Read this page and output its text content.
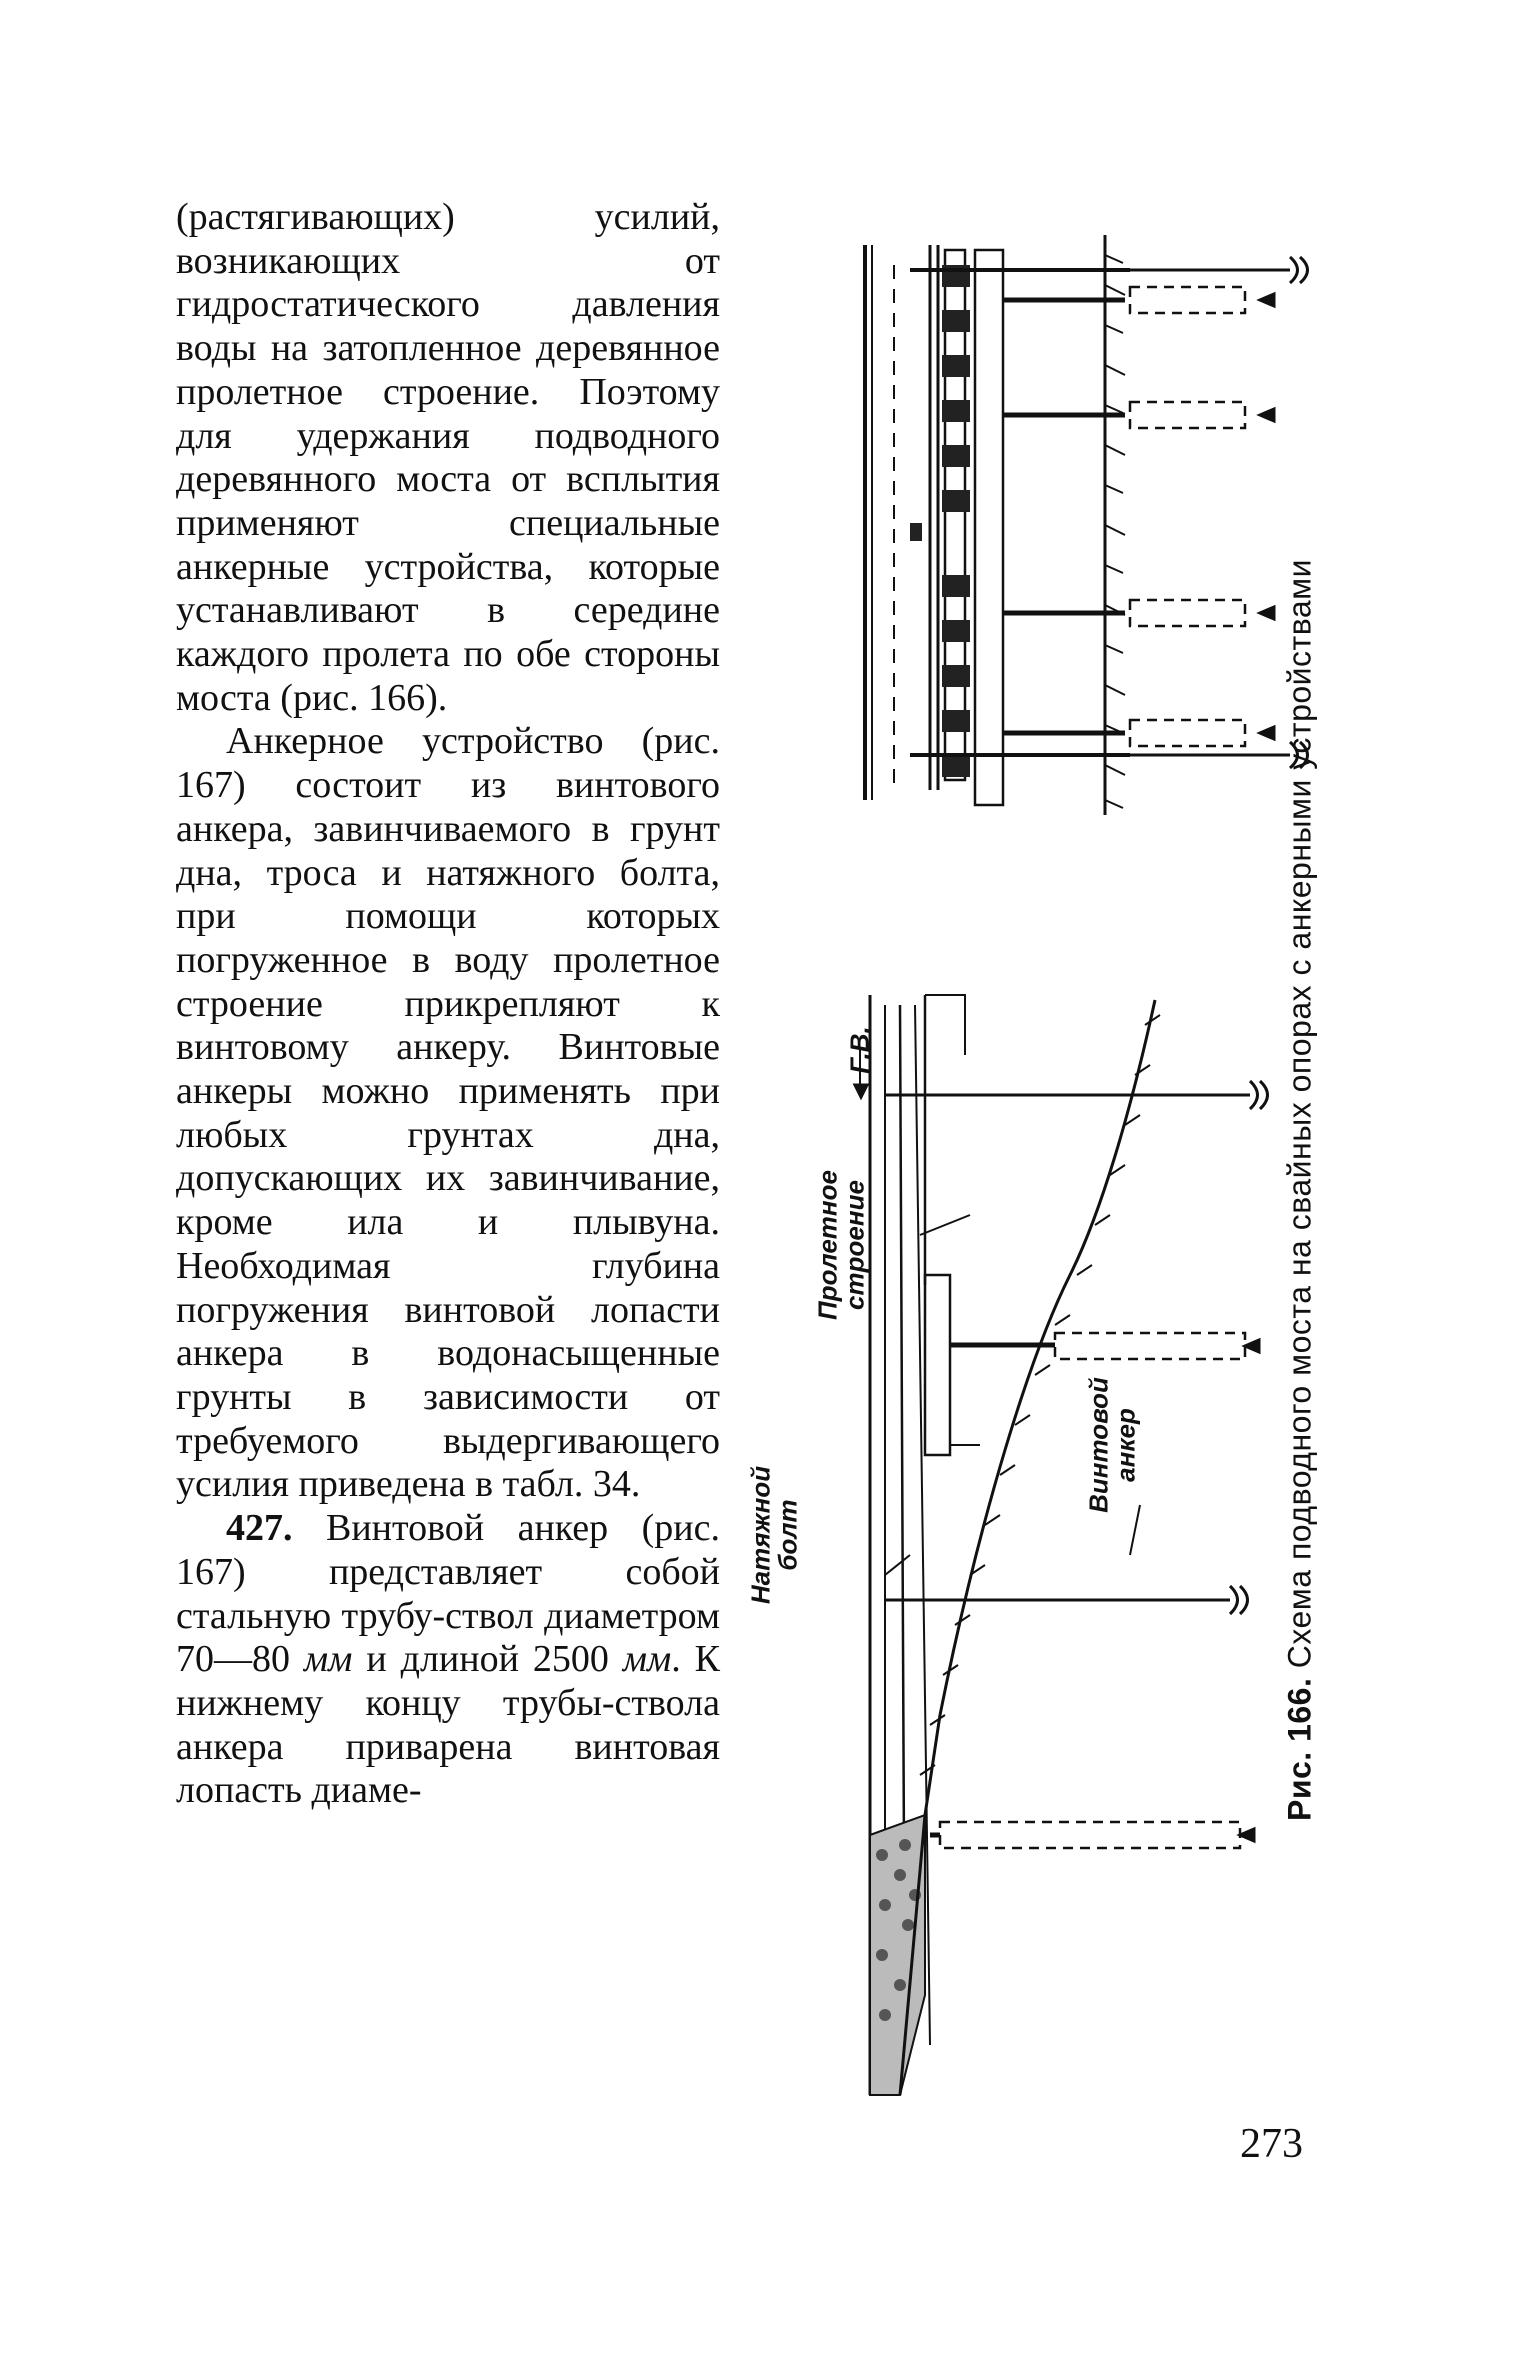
(растягивающих) усилий, возникающих от гидростатического давления воды на затопленное деревянное пролетное строение. Поэтому для удержания подводного деревянного моста от всплытия применяют специальные анкерные устройства, которые устанавливают в середине каждого пролета по обе стороны моста (рис. 166).

Анкерное устройство (рис. 167) состоит из винтового анкера, завинчиваемого в грунт дна, троса и натяжного болта, при помощи которых погруженное в воду пролетное строение прикрепляют к винтовому анкеру. Винтовые анкеры можно применять при любых грунтах дна, допускающих их завинчивание, кроме ила и плывуна. Необходимая глубина погружения винтовой лопасти анкера в водонасыщенные грунты в зависимости от требуемого выдергивающего усилия приведена в табл. 34.

427. Винтовой анкер (рис. 167) представляет собой стальную трубу-ствол диаметром 70—80 мм и длиной 2500 мм. К нижнему концу трубы-ствола анкера приварена винтовая лопасть диаме-

Г.В.
Пролетное строение
Винтовой анкер
Натяжной болт
Рис. 166. Схема подводного моста на свайных опорах с анкерными устройствами
273
